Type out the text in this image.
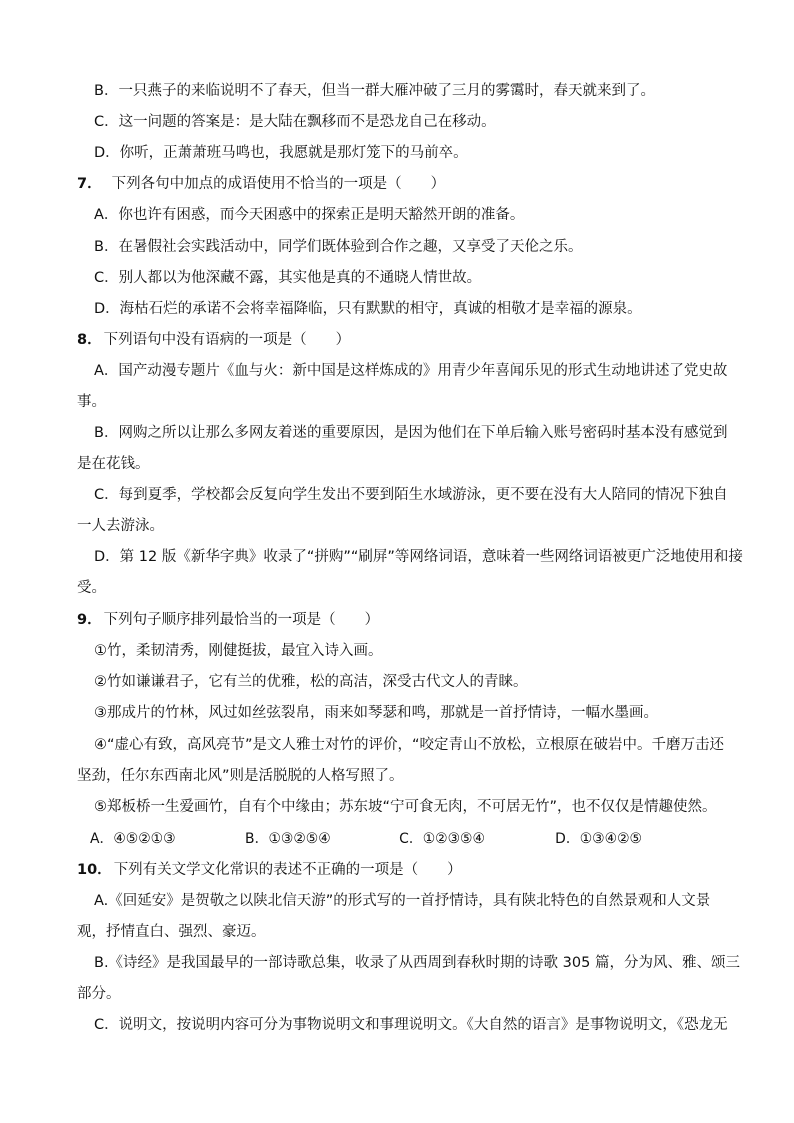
B．一只燕子的来临说明不了春天，但当一群大雁冲破了三月的雾霭时，春天就来到了。

C．这一问题的答案是：是大陆在飘移而不是恐龙自己在移动。

D．你听，正萧萧班马鸣也，我愿就是那灯笼下的马前卒。

7． 下列各句中加点的成语使用不恰当的一项是（　　）

A．你也许有困惑，而今天困惑中的探索正是明天豁然开朗的准备。

B．在暑假社会实践活动中，同学们既体验到合作之趣，又享受了天伦之乐。

C．别人都以为他深藏不露，其实他是真的不通晓人情世故。

D．海枯石烂的承诺不会将幸福降临，只有默默的相守，真诚的相敬才是幸福的源泉。

8． 下列语句中没有语病的一项是（　　）

A．国产动漫专题片《血与火：新中国是这样炼成的》用青少年喜闻乐见的形式生动地讲述了党史故

事。

B．网购之所以让那么多网友着迷的重要原因，是因为他们在下单后输入账号密码时基本没有感觉到

是在花钱。

C．每到夏季，学校都会反复向学生发出不要到陌生水域游泳，更不要在没有大人陪同的情况下独自

一人去游泳。

D．第 12 版《新华字典》收录了“拼购”“刷屏”等网络词语，意味着一些网络词语被更广泛地使用和接

受。

9． 下列句子顺序排列最恰当的一项是（　　）

①竹，柔韧清秀，刚健挺拔，最宜入诗入画。

②竹如谦谦君子，它有兰的优雅，松的高洁，深受古代文人的青睐。

③那成片的竹林，风过如丝弦裂帛，雨来如琴瑟和鸣，那就是一首抒情诗，一幅水墨画。

④“虚心有致，高风亮节”是文人雅士对竹的评价，“咬定青山不放松，立根原在破岩中。千磨万击还

坚劲，任尔东西南北风”则是活脱脱的人格写照了。

⑤郑板桥一生爱画竹，自有个中缘由；苏东坡“宁可食无肉，不可居无竹”，也不仅仅是情趣使然。

A．④⑤②①③	B．①③②⑤④	C．①②③⑤④	D．①③④②⑤

10． 下列有关文学文化常识的表述不正确的一项是（　　）

A.《回延安》是贺敬之以陕北信天游”的形式写的一首抒情诗，具有陕北特色的自然景观和人文景

观，抒情直白、强烈、豪迈。

B.《诗经》是我国最早的一部诗歌总集，收录了从西周到春秋时期的诗歌 305 篇，分为风、雅、颂三

部分。

C．说明文，按说明内容可分为事物说明文和事理说明文。《大自然的语言》是事物说明文，《恐龙无
